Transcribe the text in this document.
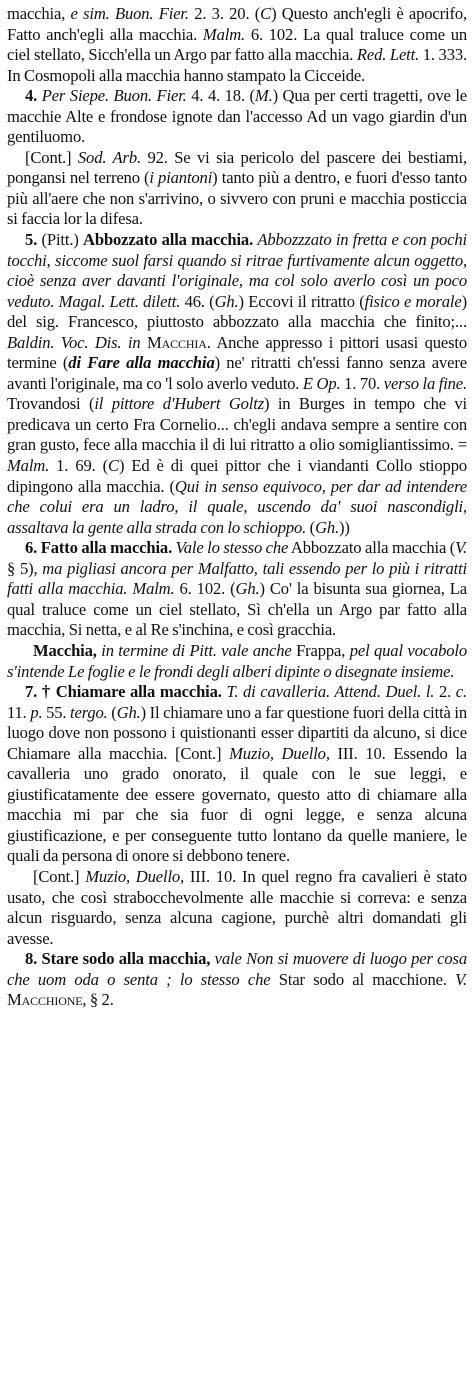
macchia, e sim. Buon. Fier. 2. 3. 20. (C) Questo anch'egli è apocrifo, Fatto anch'egli alla macchia. Malm. 6. 102. La qual traluce come un ciel stellato, Sicch'ella un Argo par fatto alla macchia. Red. Lett. 1. 333. In Cosmopoli alla macchia hanno stampato la Cicceide.

4. Per Siepe. Buon. Fier. 4. 4. 18. (M.) Qua per certi tragetti, ove le macchie Alte e frondose ignote dan l'accesso Ad un vago giardin d'un gentiluomo.

[Cont.] Sod. Arb. 92. Se vi sia pericolo del pascere dei bestiami, pongansi nel terreno (i piantoni) tanto più a dentro, e fuori d'esso tanto più all'aere che non s'arrivino, o sivvero con pruni e macchia posticcia si faccia lor la difesa.

5. (Pitt.) Abbozzato alla macchia. Abbozzzato in fretta e con pochi tocchi, siccome suol farsi quando si ritrae furtivamente alcun oggetto, cioè senza aver davanti l'originale, ma col solo averlo così un poco veduto. Magal. Lett. dilett. 46. (Gh.) Eccovi il ritratto (fisico e morale) del sig. Francesco, piuttosto abbozzato alla macchia che finito;... Baldin. Voc. Dis. in Macchia. Anche appresso i pittori usasi questo termine (di Fare alla macchia) ne' ritratti ch'essi fanno senza avere avanti l'originale, ma co 'l solo averlo veduto. E Op. 1. 70. verso la fine. Trovandosi (il pittore d'Hubert Goltz) in Burges in tempo che vi predicava un certo Fra Cornelio... ch'egli andava sempre a sentire con gran gusto, fece alla macchia il di lui ritratto a olio somigliantissimo. = Malm. 1. 69. (C) Ed è di quei pittor che i viandanti Collo stioppo dipingono alla macchia. (Qui in senso equivoco, per dar ad intendere che colui era un ladro, il quale, uscendo da' suoi nascondigli, assaltava la gente alla strada con lo schioppo. (Gh.))

6. Fatto alla macchia. Vale lo stesso che Abbozzato alla macchia (V. § 5), ma pigliasi ancora per Malfatto, tali essendo per lo più i ritratti fatti alla macchia. Malm. 6. 102. (Gh.) Co' la bisunta sua giornea, La qual traluce come un ciel stellato, Sì ch'ella un Argo par fatto alla macchia, Si netta, e al Re s'inchina, e così gracchia.

Macchia, in termine di Pitt. vale anche Frappa, pel qual vocabolo s'intende Le foglie e le frondi degli alberi dipinte o disegnate insieme.

7. † Chiamare alla macchia. T. di cavalleria. Attend. Duel. l. 2. c. 11. p. 55. tergo. (Gh.) Il chiamare uno a far questione fuori della città in luogo dove non possono i quistionanti esser dipartiti da alcuno, si dice Chiamare alla macchia. [Cont.] Muzio, Duello, III. 10. Essendo la cavalleria uno grado onorato, il quale con le sue leggi, e giustificatamente dee essere governato, questo atto di chiamare alla macchia mi par che sia fuor di ogni legge, e senza alcuna giustificazione, e per conseguente tutto lontano da quelle maniere, le quali da persona di onore si debbono tenere.

[Cont.] Muzio, Duello, III. 10. In quel regno fra cavalieri è stato usato, che così strabocchevolmente alle macchie si correva: e senza alcun risguardo, senza alcuna cagione, purchè altri domandati gli avesse.

8. Stare sodo alla macchia, vale Non si muovere di luogo per cosa che uom oda o senta ; lo stesso che Star sodo al macchione. V. Macchione, § 2.
